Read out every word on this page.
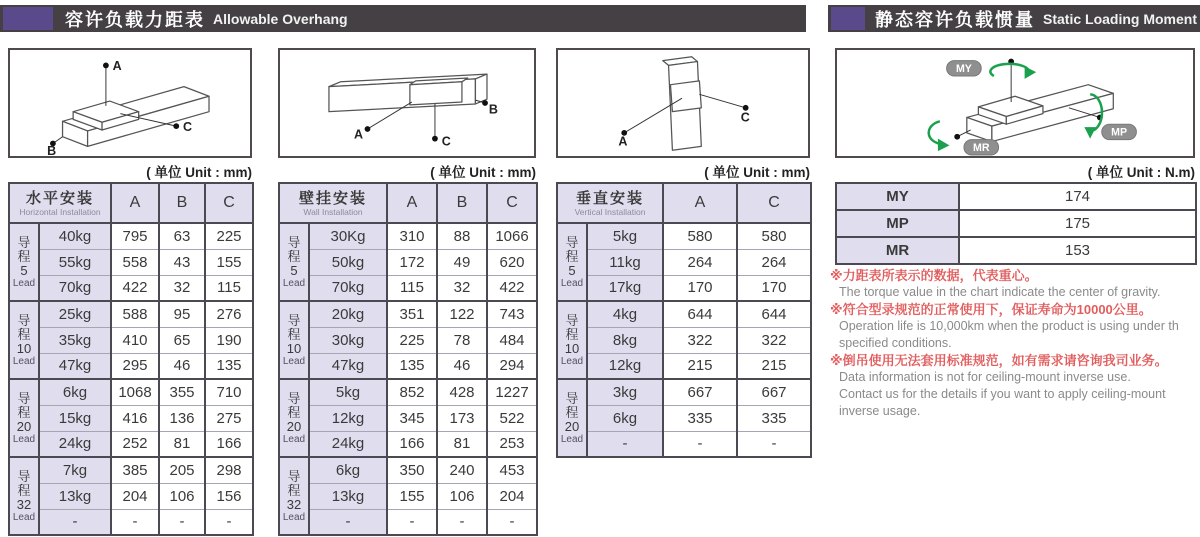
容许负载力距表 Allowable Overhang	静态容许负载惯量 Static Loading Moment
A
B
C
A
B
C	A
C
MY
MP
MR
( 单位 Unit : mm)	( 单位 Unit : mm)	( 单位 Unit : mm)	( 单位 Unit : N.m)
水平安装
Horizontal Installation		A	B	C

导程
5
Lead	40kg	795	63	225
	55kg	558	43	155
	70kg	422	32	115

导程
10
Lead	25kg	588	95	276
	35kg	410	65	190
	47kg	295	46	135

导程
20
Lead	6kg	1068	355	710
	15kg	416	136	275
	24kg	252	81	166

导程
32
Lead	7kg	385	205	298
	13kg	204	106	156
	-	-	-	-
壁挂安装
Wall Installation		A	B	C

导程
5
Lead	30Kg	310	88	1066
	50kg	172	49	620
	70kg	115	32	422

导程
10
Lead	20kg	351	122	743
	30kg	225	78	484
	47kg	135	46	294

导程
20
Lead	5kg	852	428	1227
	12kg	345	173	522
	24kg	166	81	253

导程
32
Lead	6kg	350	240	453
	13kg	155	106	204
	-	-	-	-
垂直安装
Vertical Installation		A	C

导程
5
Lead	5kg	580	580
	11kg	264	264
	17kg	170	170

导程
10
Lead	4kg	644	644
	8kg	322	322
	12kg	215	215

导程
20
Lead	3kg	667	667
	6kg	335	335
	-	-	-
MY	174
MP	175
MR	153
※力距表所表示的数据，代表重心。
The torque value in the chart indicate the center of gravity.
※符合型录规范的正常使用下，保证寿命为10000公里。
Operation life is 10,000km when the product is using under th
specified conditions.
※倒吊使用无法套用标准规范，如有需求请咨询我司业务。
Data information is not for ceiling-mount inverse use.
Contact us for the details if you want to apply ceiling-mount
inverse usage.
